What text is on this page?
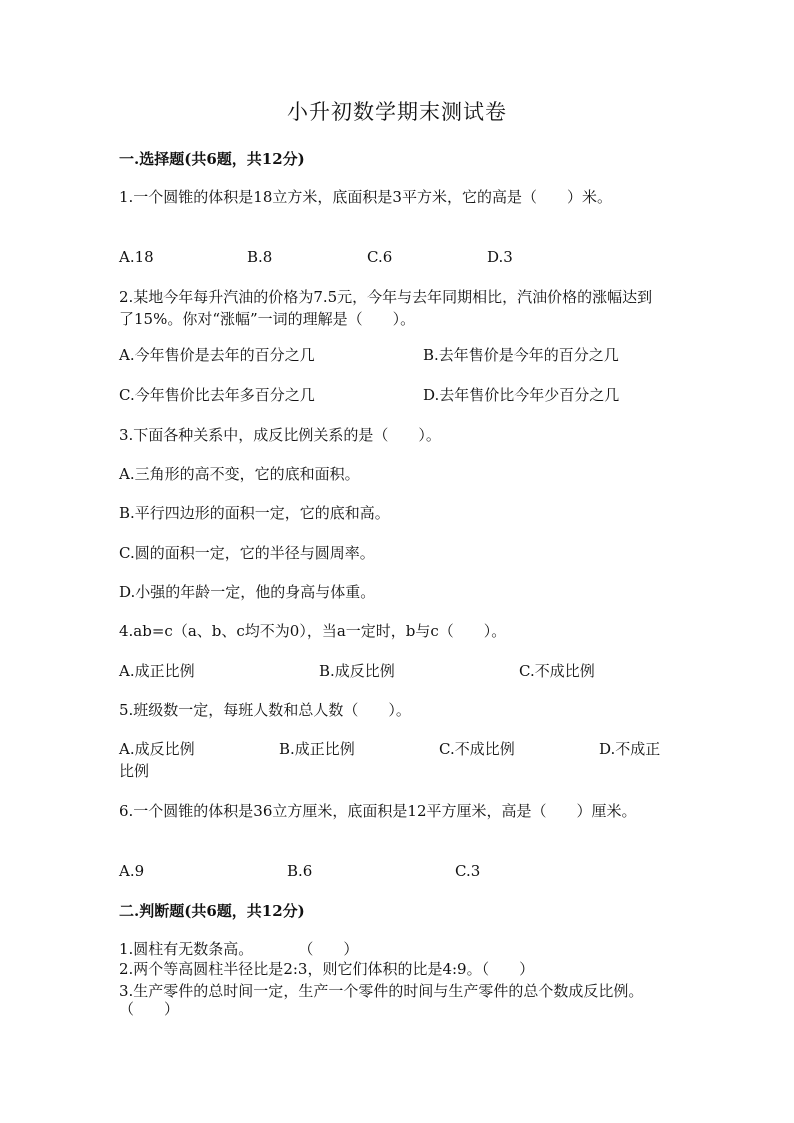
小升初数学期末测试卷
一.选择题(共6题，共12分)
1.一个圆锥的体积是18立方米，底面积是3平方米，它的高是（　　）米。
A.18	B.8	C.6	D.3
2.某地今年每升汽油的价格为7.5元，今年与去年同期相比，汽油价格的涨幅达到了15%。你对“涨幅”一词的理解是（　　）。
A.今年售价是去年的百分之几	B.去年售价是今年的百分之几
C.今年售价比去年多百分之几	D.去年售价比今年少百分之几
3.下面各种关系中，成反比例关系的是（　　）。
A.三角形的高不变，它的底和面积。
B.平行四边形的面积一定，它的底和高。
C.圆的面积一定，它的半径与圆周率。
D.小强的年龄一定，他的身高与体重。
4.ab=c（a、b、c均不为0），当a一定时，b与c（　　）。
A.成正比例	B.成反比例	C.不成比例
5.班级数一定，每班人数和总人数（　　）。
A.成反比例	B.成正比例	C.不成比例	D.不成正
比例
6.一个圆锥的体积是36立方厘米，底面积是12平方厘米，高是（　　）厘米。
A.9	B.6	C.3
二.判断题(共6题，共12分)
1.圆柱有无数条高。　　　　（　　）
2.两个等高圆柱半径比是2:3，则它们体积的比是4:9。（　　）
3.生产零件的总时间一定，生产一个零件的时间与生产零件的总个数成反比例。（　　）
